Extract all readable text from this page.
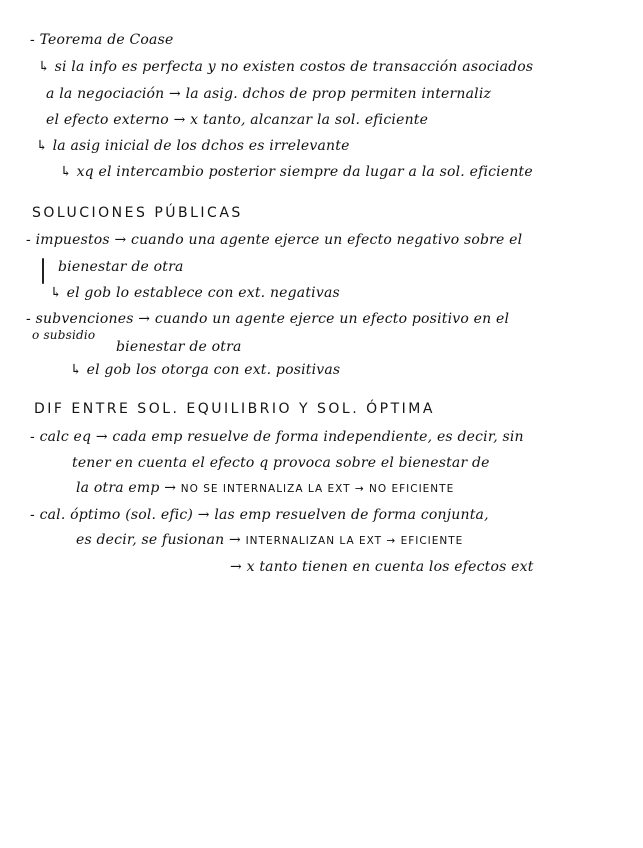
- Teorema de Coase
↳ si la info es perfecta y no existen costos de transacción asociados
a la negociación → la asig. dchos de prop permiten internaliz
el efecto externo → x tanto, alcanzar la sol. eficiente
↳ la asig inicial de los dchos es irrelevante
↳ xq el intercambio posterior siempre da lugar a la sol. eficiente
SOLUCIONES PÚBLICAS
- impuestos → cuando una agente ejerce un efecto negativo sobre el
bienestar de otra
↳ el gob lo establece con ext. negativas
- subvenciones → cuando un agente ejerce un efecto positivo en el
o subsidio
bienestar de otra
↳ el gob los otorga con ext. positivas
DIF ENTRE SOL. EQUILIBRIO Y SOL. ÓPTIMA
- calc eq → cada emp resuelve de forma independiente, es decir, sin
tener en cuenta el efecto q provoca sobre el bienestar de
la otra emp → NO SE INTERNALIZA LA EXT → NO EFICIENTE
- cal. óptimo (sol. efic) → las emp resuelven de forma conjunta,
es decir, se fusionan → INTERNALIZAN LA EXT → EFICIENTE
→ x tanto tienen en cuenta los efectos ext
